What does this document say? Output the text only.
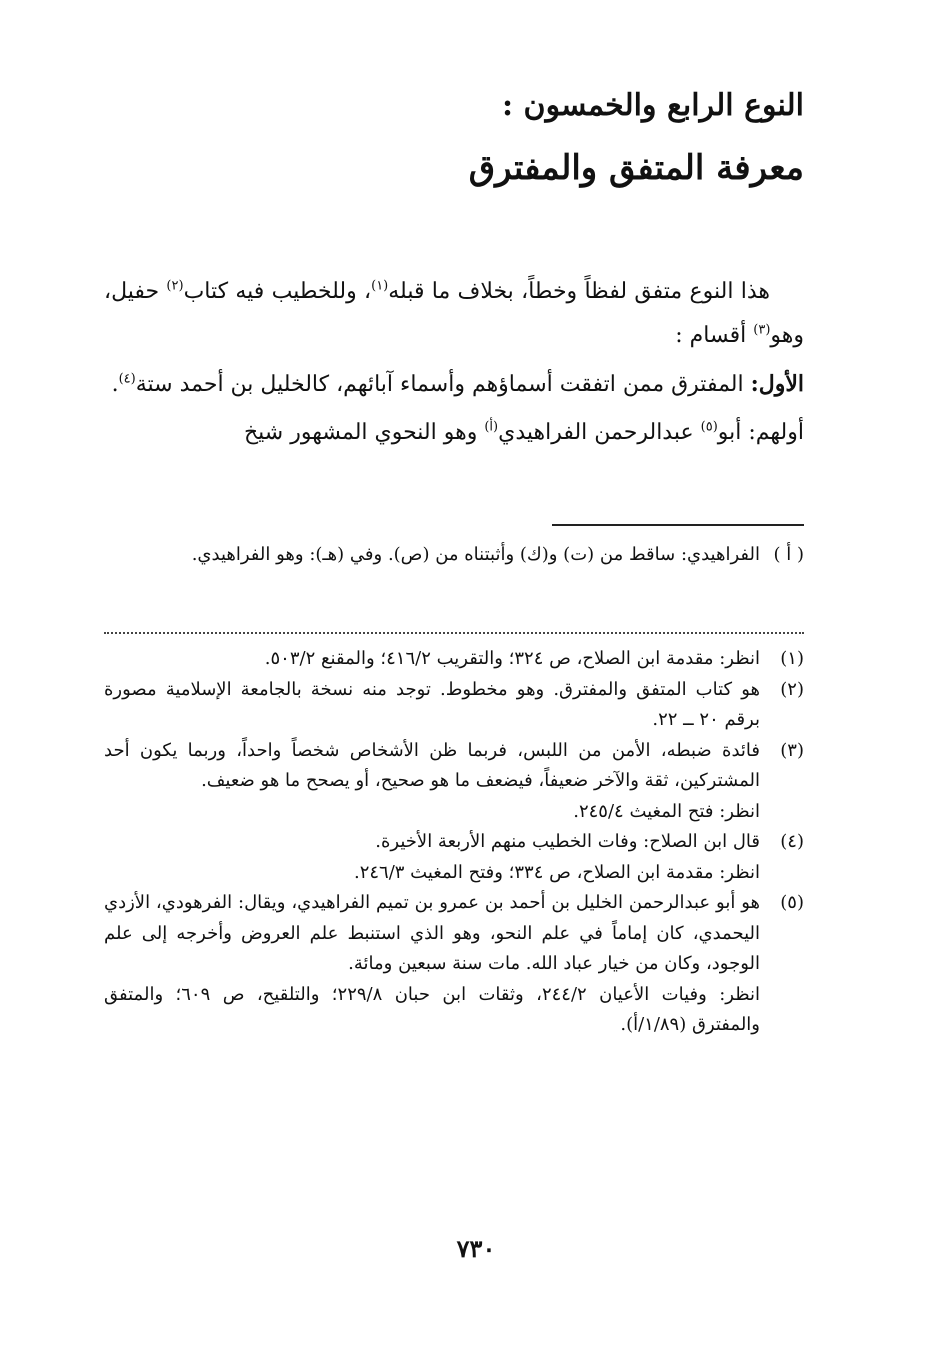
النوع الرابع والخمسون :
معرفة المتفق والمفترق

هذا النوع متفق لفظاً وخطاً، بخلاف ما قبله$^{(١)}$، وللخطيب فيه كتاب$^{(٢)}$ حفيل، وهو$^{(٣)}$ أقسام :

الأول: المفترق ممن اتفقت أسماؤهم وأسماء آبائهم، كالخليل بن أحمد ستة$^{(٤)}$.

أولهم: أبو$^{(٥)}$ عبدالرحمن الفراهيدي$^{(أ)}$ وهو النحوي المشهور شيخ

( أ )
الفراهيدي: ساقط من (ت) و(ك) وأثبتناه من (ص). وفي (هـ): وهو الفراهيدي.
(١)
انظر: مقدمة ابن الصلاح، ص ٣٢٤؛ والتقريب ٤١٦/٢؛ والمقنع ٥٠٣/٢.
(٢)
هو كتاب المتفق والمفترق. وهو مخطوط. توجد منه نسخة بالجامعة الإسلامية مصورة برقم ٢٠ ــ ٢٢.
(٣)
فائدة ضبطه، الأمن من اللبس، فربما ظن الأشخاص شخصاً واحداً، وربما يكون أحد المشتركين، ثقة والآخر ضعيفاً، فيضعف ما هو صحيح، أو يصحح ما هو ضعيف.
انظر: فتح المغيث ٢٤٥/٤.
(٤)
قال ابن الصلاح: وفات الخطيب منهم الأربعة الأخيرة.
انظر: مقدمة ابن الصلاح، ص ٣٣٤؛ وفتح المغيث ٢٤٦/٣.
(٥)
هو أبو عبدالرحمن الخليل بن أحمد بن عمرو بن تميم الفراهيدي، ويقال: الفرهودي، الأزدي اليحمدي، كان إماماً في علم النحو، وهو الذي استنبط علم العروض وأخرجه إلى علم الوجود، وكان من خيار عباد الله. مات سنة سبعين ومائة.
انظر: وفيات الأعيان ٢٤٤/٢، وثقات ابن حبان ٢٢٩/٨؛ والتلقيح، ص ٦٠٩؛ والمتفق والمفترق (١/٨٩/أ).
٧٣٠
